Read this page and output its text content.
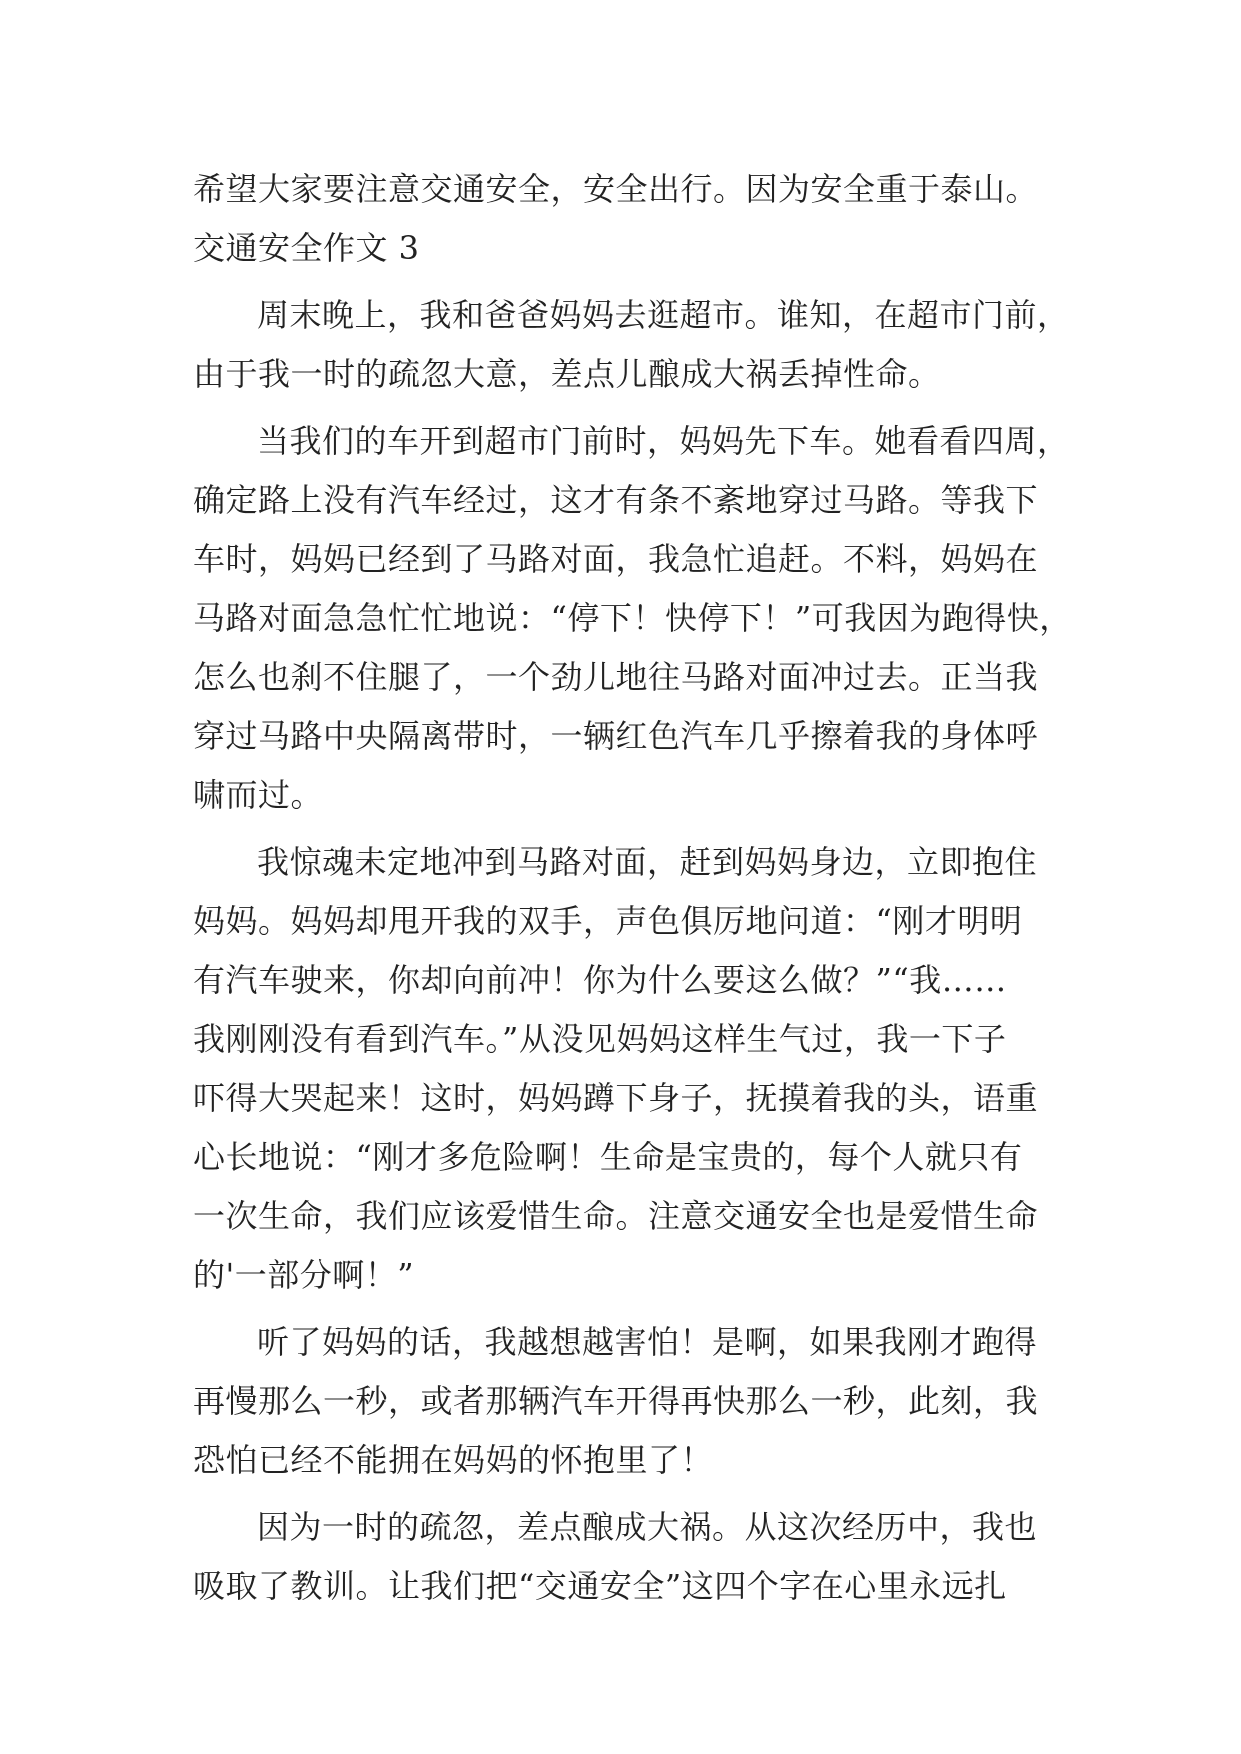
希望大家要注意交通安全，安全出行。因为安全重于泰山。
交通安全作文 3
周末晚上，我和爸爸妈妈去逛超市。谁知，在超市门前，
由于我一时的疏忽大意，差点儿酿成大祸丢掉性命。
当我们的车开到超市门前时，妈妈先下车。她看看四周，
确定路上没有汽车经过，这才有条不紊地穿过马路。等我下
车时，妈妈已经到了马路对面，我急忙追赶。不料，妈妈在
马路对面急急忙忙地说：“停下！快停下！”可我因为跑得快，
怎么也刹不住腿了，一个劲儿地往马路对面冲过去。正当我
穿过马路中央隔离带时，一辆红色汽车几乎擦着我的身体呼
啸而过。
我惊魂未定地冲到马路对面，赶到妈妈身边，立即抱住
妈妈。妈妈却甩开我的双手，声色俱厉地问道：“刚才明明
有汽车驶来，你却向前冲！你为什么要这么做？”“我……
我刚刚没有看到汽车。”从没见妈妈这样生气过，我一下子
吓得大哭起来！这时，妈妈蹲下身子，抚摸着我的头，语重
心长地说：“刚才多危险啊！生命是宝贵的，每个人就只有
一次生命，我们应该爱惜生命。注意交通安全也是爱惜生命
的'一部分啊！”
听了妈妈的话，我越想越害怕！是啊，如果我刚才跑得
再慢那么一秒，或者那辆汽车开得再快那么一秒，此刻，我
恐怕已经不能拥在妈妈的怀抱里了！
因为一时的疏忽，差点酿成大祸。从这次经历中，我也
吸取了教训。让我们把“交通安全”这四个字在心里永远扎
